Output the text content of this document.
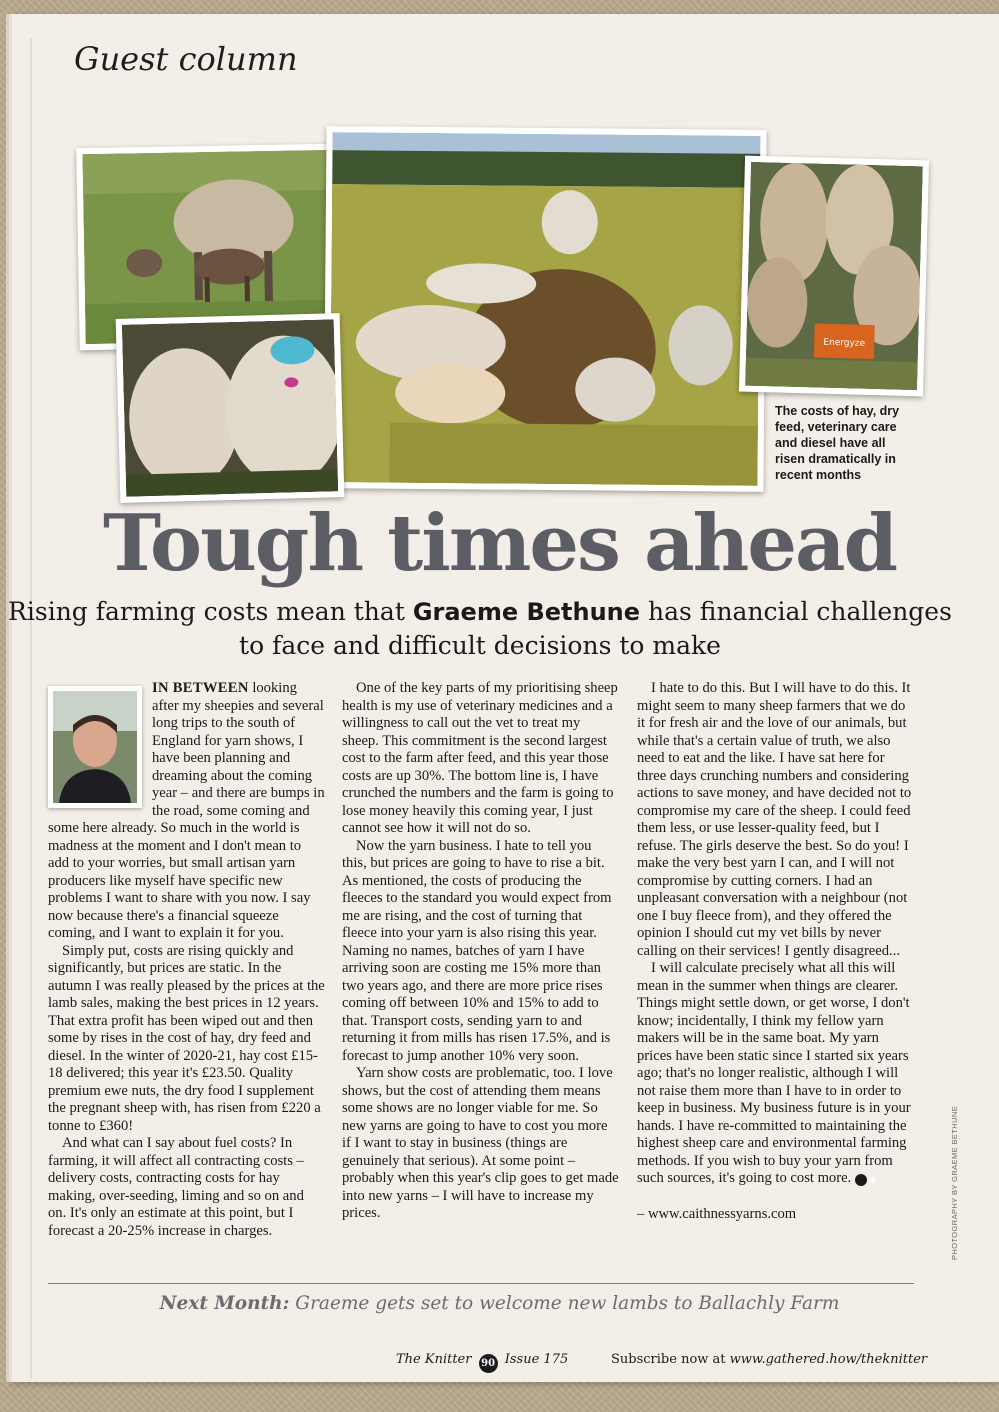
Guest column
Energyze
The costs of hay, dry feed, veterinary care and diesel have all risen dramatically in recent months
Tough times ahead
Rising farming costs mean that Graeme Bethune has financial challenges to face and difficult decisions to make

IN BETWEEN looking after my sheepies and several long trips to the south of England for yarn shows, I have been planning and dreaming about the coming year – and there are bumps in the road, some coming and some here already. So much in the world is madness at the moment and I don't mean to add to your worries, but small artisan yarn producers like myself have specific new problems I want to share with you now. I say now because there's a financial squeeze coming, and I want to explain it for you.

Simply put, costs are rising quickly and significantly, but prices are static. In the autumn I was really pleased by the prices at the lamb sales, making the best prices in 12 years. That extra profit has been wiped out and then some by rises in the cost of hay, dry feed and diesel. In the winter of 2020-21, hay cost £15-18 delivered; this year it's £23.50. Quality premium ewe nuts, the dry food I supplement the pregnant sheep with, has risen from £220 a tonne to £360!

And what can I say about fuel costs? In farming, it will affect all contracting costs – delivery costs, contracting costs for hay making, over-seeding, liming and so on and on. It's only an estimate at this point, but I forecast a 20-25% increase in charges.

One of the key parts of my prioritising sheep health is my use of veterinary medicines and a willingness to call out the vet to treat my sheep. This commitment is the second largest cost to the farm after feed, and this year those costs are up 30%. The bottom line is, I have crunched the numbers and the farm is going to lose money heavily this coming year, I just cannot see how it will not do so.

Now the yarn business. I hate to tell you this, but prices are going to have to rise a bit. As mentioned, the costs of producing the fleeces to the standard you would expect from me are rising, and the cost of turning that fleece into your yarn is also rising this year. Naming no names, batches of yarn I have arriving soon are costing me 15% more than two years ago, and there are more price rises coming off between 10% and 15% to add to that. Transport costs, sending yarn to and returning it from mills has risen 17.5%, and is forecast to jump another 10% very soon.

Yarn show costs are problematic, too. I love shows, but the cost of attending them means some shows are no longer viable for me. So new yarns are going to have to cost you more if I want to stay in business (things are genuinely that serious). At some point – probably when this year's clip goes to get made into new yarns – I will have to increase my prices.

I hate to do this. But I will have to do this. It might seem to many sheep farmers that we do it for fresh air and the love of our animals, but while that's a certain value of truth, we also need to eat and the like. I have sat here for three days crunching numbers and considering actions to save money, and have decided not to compromise my care of the sheep. I could feed them less, or use lesser-quality feed, but I refuse. The girls deserve the best. So do you! I make the very best yarn I can, and I will not compromise by cutting corners. I had an unpleasant conversation with a neighbour (not one I buy fleece from), and they offered the opinion I should cut my vet bills by never calling on their services! I gently disagreed...

I will calculate precisely what all this will mean in the summer when things are clearer. Things might settle down, or get worse, I don't know; incidentally, I think my fellow yarn makers will be in the same boat. My yarn prices have been static since I started six years ago; that's no longer realistic, although I will not raise them more than I have to in order to keep in business. My business future is in your hands. I have re-committed to maintaining the highest sheep care and environmental farming methods. If you wish to buy your yarn from such sources, it's going to cost more. ✚

– www.caithnessyarns.com	PHOTOGRAPHY BY GRAEME BETHUNE
Next Month: Graeme gets set to welcome new lambs to Ballachly Farm
The Knitter 90 Issue 175	Subscribe now at www.gathered.how/theknitter
